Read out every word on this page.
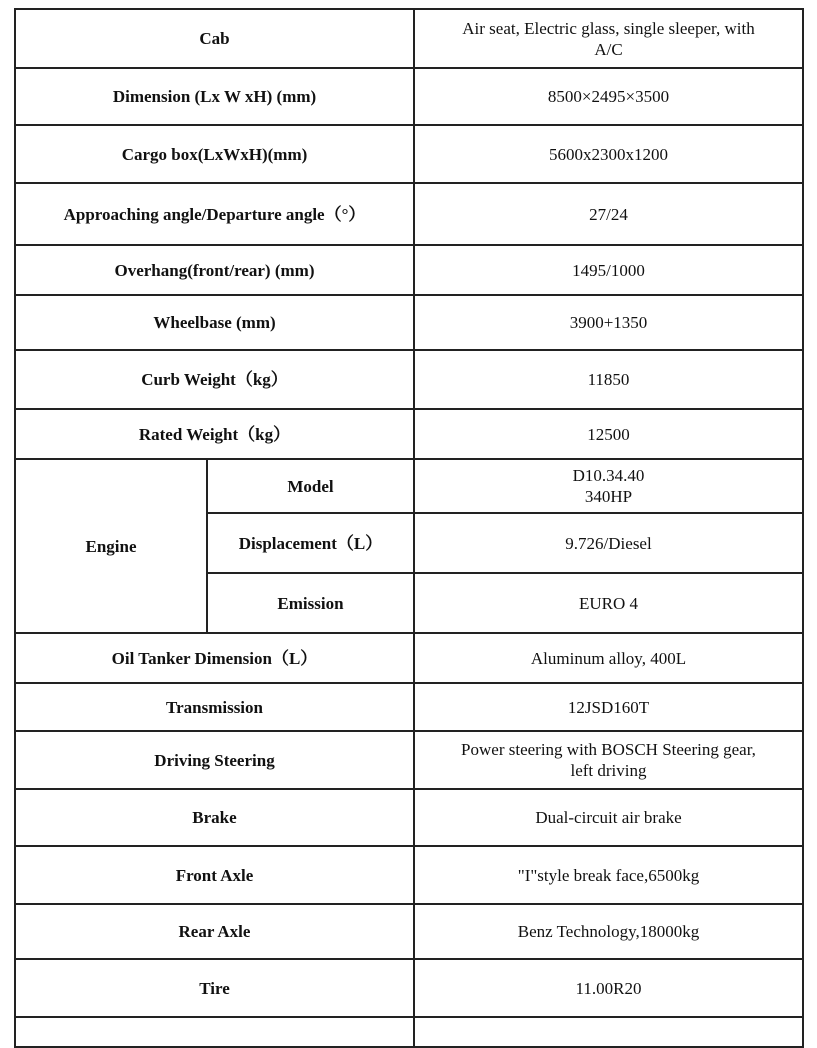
Cab		Air seat, Electric glass, single sleeper, with
A/C
Dimension (Lx W xH) (mm)		8500×2495×3500
Cargo box(LxWxH)(mm)		5600x2300x1200
Approaching angle/Departure angle（°）		27/24
Overhang(front/rear) (mm)		1495/1000
Wheelbase (mm)		3900+1350
Curb Weight（kg）		11850
Rated Weight（kg）		12500
Engine	Model	D10.34.40
340HP
	Displacement（L）	9.726/Diesel
	Emission	EURO 4
Oil Tanker Dimension（L）		Aluminum alloy, 400L
Transmission		12JSD160T
Driving Steering		Power steering with BOSCH Steering gear,
left driving
Brake		Dual-circuit air brake
Front Axle		"I"style break face,6500kg
Rear Axle		Benz Technology,18000kg
Tire		11.00R20
